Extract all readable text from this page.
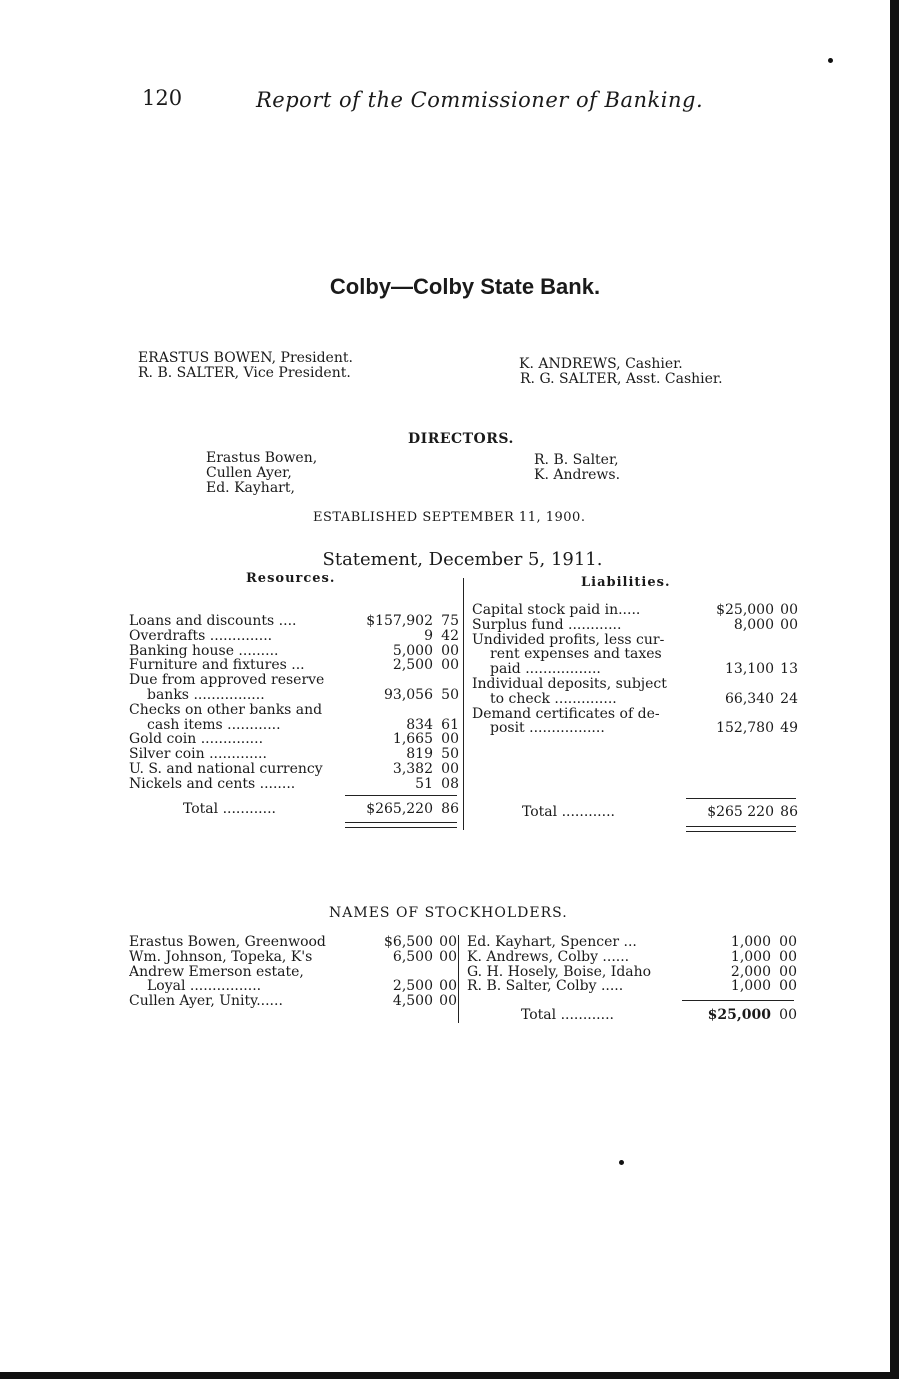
120	Report of the Commissioner of Banking.
Colby—Colby State Bank.
ERASTUS BOWEN, President.
R. B. SALTER, Vice President.
K. ANDREWS, Cashier.
R. G. SALTER, Asst. Cashier.
DIRECTORS.
Erastus Bowen,
Cullen Ayer,
Ed. Kayhart,
R. B. Salter,
K. Andrews.
ESTABLISHED SEPTEMBER 11, 1900.
Statement, December 5, 1911.
Resources.	Liabilities.
Loans and discounts ....	$157,902	75
Overdrafts ..............	9	42
Banking house .........	5,000	00
Furniture and fixtures ...	2,500	00
Due from approved reserve		
banks ................	93,056	50
Checks on other banks and		
cash items ............	834	61
Gold coin ..............	1,665	00
Silver coin .............	819	50
U. S. and national currency	3,382	00
Nickels and cents ........	51	08
Total ............	$265,220	86
Capital stock paid in.....	$25,000	00
Surplus fund ............	8,000	00
Undivided profits, less cur-		
rent expenses and taxes		
paid .................	13,100	13
Individual deposits, subject		
to check ..............	66,340	24
Demand certificates of de-		
posit .................	152,780	49
Total ............	$265 220	86
NAMES OF STOCKHOLDERS.
Erastus Bowen, Greenwood	$6,500	00
Wm. Johnson, Topeka, K's	6,500	00
Andrew Emerson estate,		
Loyal ................	2,500	00
Cullen Ayer, Unity......	4,500	00
Ed. Kayhart, Spencer ...	1,000	00
K. Andrews, Colby ......	1,000	00
G. H. Hosely, Boise, Idaho	2,000	00
R. B. Salter, Colby .....	1,000	00
Total ............	$25,000	00
